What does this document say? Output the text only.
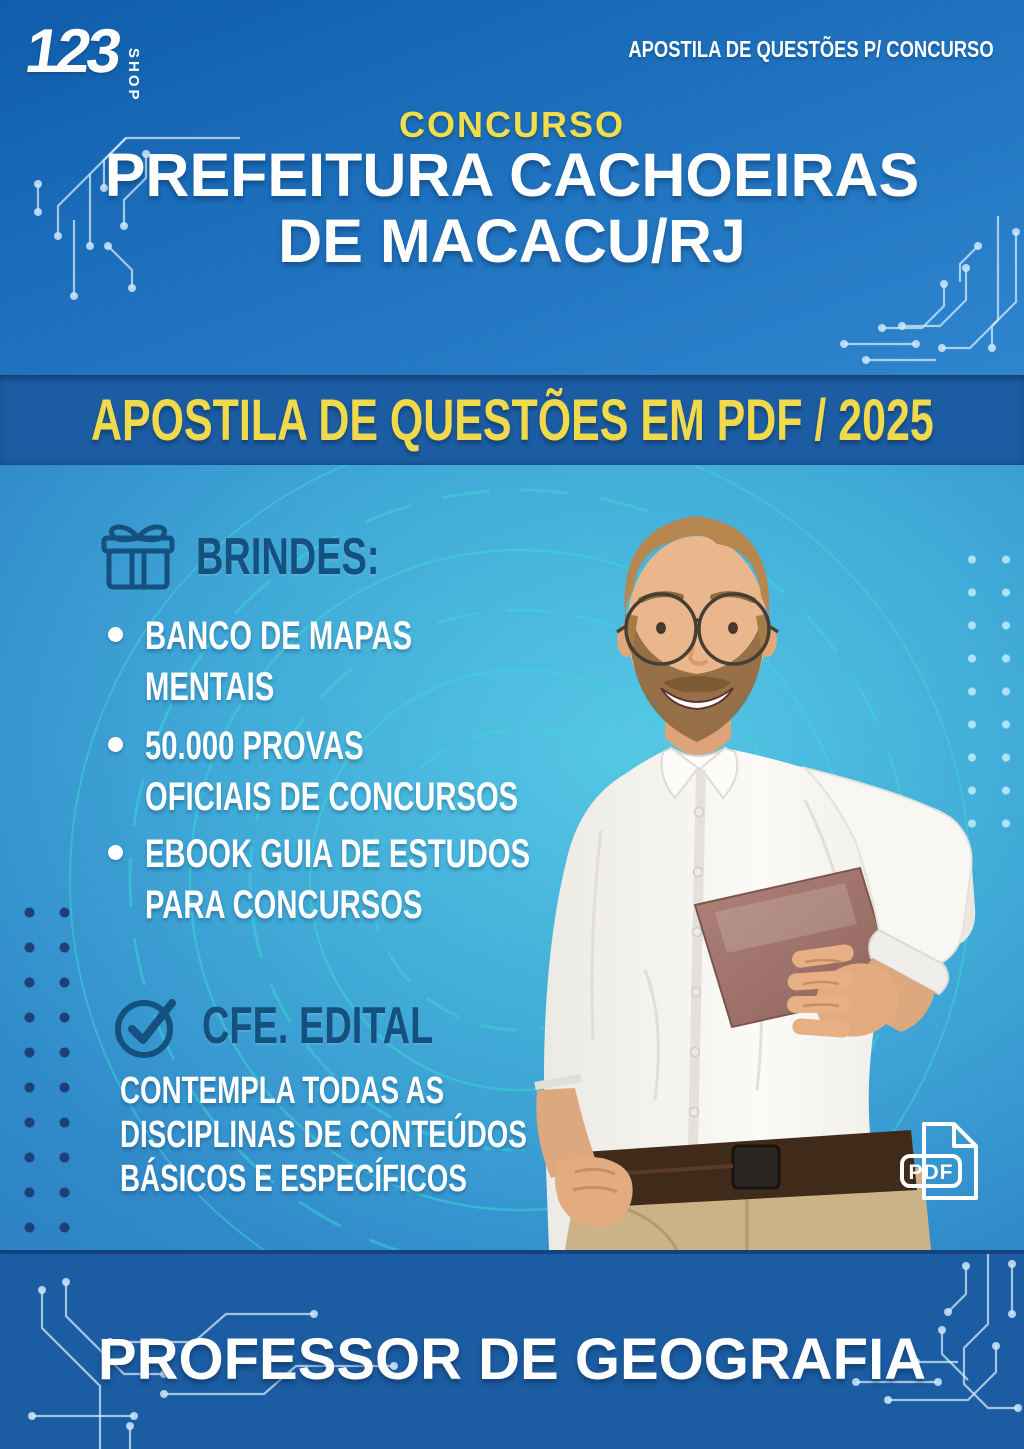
123 SHOP	APOSTILA DE QUESTÕES P/ CONCURSO
CONCURSO
PREFEITURA CACHOEIRAS
DE MACACU/RJ
APOSTILA DE QUESTÕES EM PDF / 2025
BRINDES:
BANCO DE MAPAS
MENTAIS
50.000 PROVAS
OFICIAIS DE CONCURSOS
EBOOK GUIA DE ESTUDOS
PARA CONCURSOS
CFE. EDITAL
CONTEMPLA TODAS AS
DISCIPLINAS DE CONTEÚDOS
BÁSICOS E ESPECÍFICOS	PDF
PROFESSOR DE GEOGRAFIA
